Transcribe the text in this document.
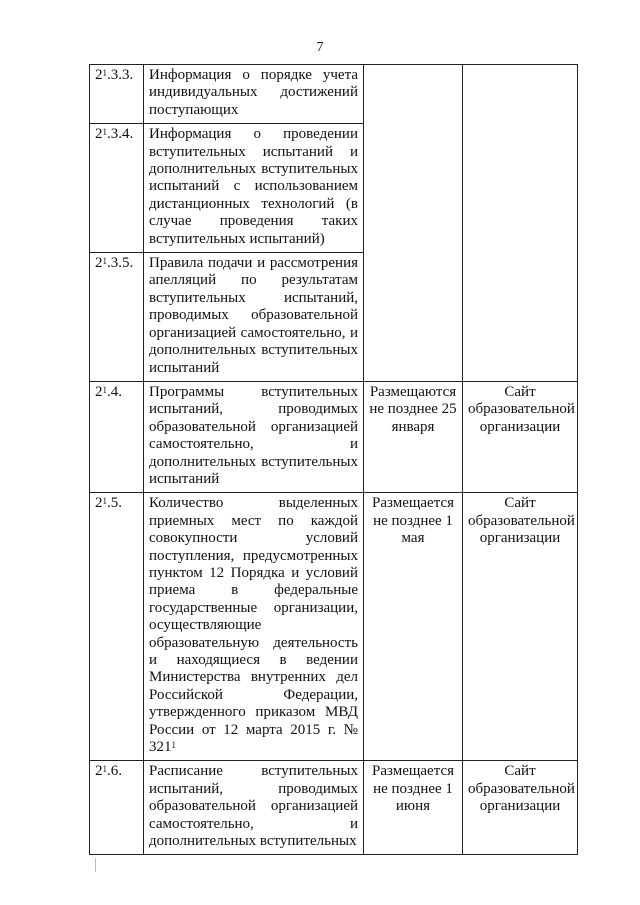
7
$2^1.3.3$.	Информация о порядке учета индивидуальных достижений поступающих		
$2^1.3.4$.	Информация о проведении вступительных испытаний и дополнительных вступительных испытаний с использованием дистанционных технологий (в случае проведения таких вступительных испытаний)		
$2^1.3.5$.	Правила подачи и рассмотрения апелляций по результатам вступительных испытаний, проводимых образовательной организацией самостоятельно, и дополнительных вступительных испытаний		
$2^1.4$.	Программы вступительных испытаний, проводимых образовательной организацией самостоятельно, и дополнительных вступительных испытаний	Размещаются не позднее 25 января	Сайт образовательной организации
$2^1.5$.	Количество выделенных приемных мест по каждой совокупности условий поступления, предусмотренных пунктом 12 Порядка и условий приема в федеральные государственные организации, осуществляющие образовательную деятельность и находящиеся в ведении Министерства внутренних дел Российской Федерации, утвержденного приказом МВД России от 12 марта 2015 г. № $321^1$	Размещается не позднее 1 мая	Сайт образовательной организации
$2^1.6$.	Расписание вступительных испытаний, проводимых образовательной организацией самостоятельно, и дополнительных вступительных	Размещается не позднее 1 июня	Сайт образовательной организации
